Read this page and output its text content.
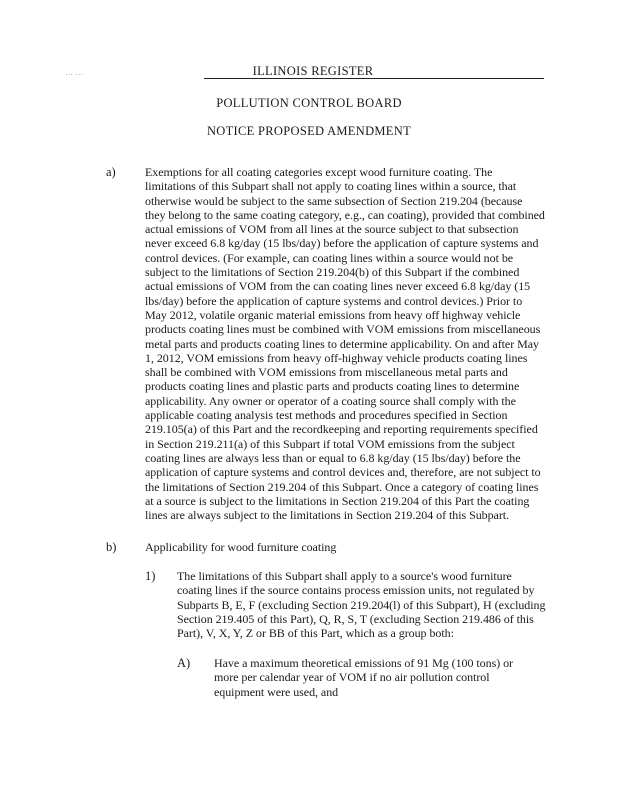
... ...	ILLINOIS REGISTER
POLLUTION CONTROL BOARD
NOTICE PROPOSED AMENDMENT
a) Exemptions for all coating categories except wood furniture coating. The limitations of this Subpart shall not apply to coating lines within a source, that otherwise would be subject to the same subsection of Section 219.204 (because they belong to the same coating category, e.g., can coating), provided that combined actual emissions of VOM from all lines at the source subject to that subsection never exceed 6.8 kg/day (15 lbs/day) before the application of capture systems and control devices. (For example, can coating lines within a source would not be subject to the limitations of Section 219.204(b) of this Subpart if the combined actual emissions of VOM from the can coating lines never exceed 6.8 kg/day (15 lbs/day) before the application of capture systems and control devices.) Prior to May 2012, volatile organic material emissions from heavy off highway vehicle products coating lines must be combined with VOM emissions from miscellaneous metal parts and products coating lines to determine applicability. On and after May 1, 2012, VOM emissions from heavy off-highway vehicle products coating lines shall be combined with VOM emissions from miscellaneous metal parts and products coating lines and plastic parts and products coating lines to determine applicability. Any owner or operator of a coating source shall comply with the applicable coating analysis test methods and procedures specified in Section 219.105(a) of this Part and the recordkeeping and reporting requirements specified in Section 219.211(a) of this Subpart if total VOM emissions from the subject coating lines are always less than or equal to 6.8 kg/day (15 lbs/day) before the application of capture systems and control devices and, therefore, are not subject to the limitations of Section 219.204 of this Subpart. Once a category of coating lines at a source is subject to the limitations in Section 219.204 of this Part the coating lines are always subject to the limitations in Section 219.204 of this Subpart.
b) Applicability for wood furniture coating
1) The limitations of this Subpart shall apply to a source's wood furniture coating lines if the source contains process emission units, not regulated by Subparts B, E, F (excluding Section 219.204(l) of this Subpart), H (excluding Section 219.405 of this Part), Q, R, S, T (excluding Section 219.486 of this Part), V, X, Y, Z or BB of this Part, which as a group both:
A) Have a maximum theoretical emissions of 91 Mg (100 tons) or more per calendar year of VOM if no air pollution control equipment were used, and
